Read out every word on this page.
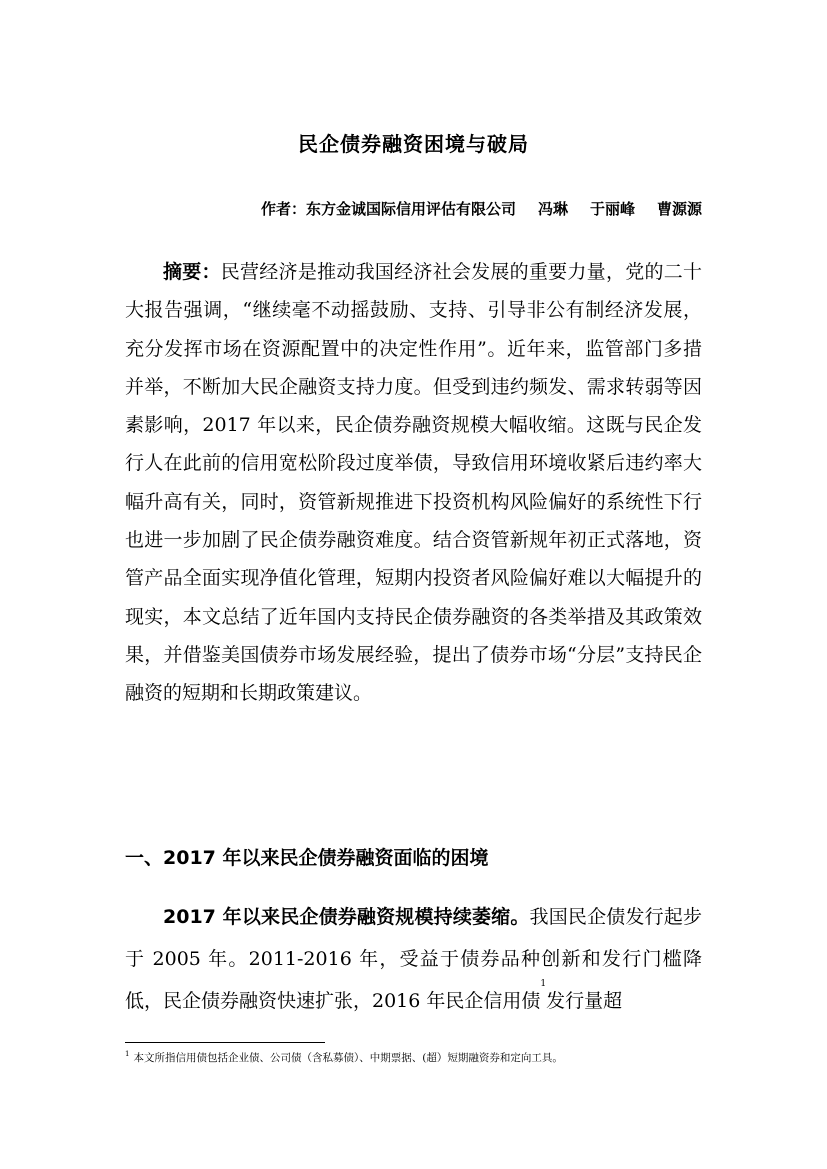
民企债券融资困境与破局
作者：东方金诚国际信用评估有限公司 冯琳 于丽峰 曹源源

摘要：民营经济是推动我国经济社会发展的重要力量，党的二十大报告强调，“继续毫不动摇鼓励、支持、引导非公有制经济发展，充分发挥市场在资源配置中的决定性作用”。近年来，监管部门多措并举，不断加大民企融资支持力度。但受到违约频发、需求转弱等因素影响，2017 年以来，民企债券融资规模大幅收缩。这既与民企发行人在此前的信用宽松阶段过度举债，导致信用环境收紧后违约率大幅升高有关，同时，资管新规推进下投资机构风险偏好的系统性下行也进一步加剧了民企债券融资难度。结合资管新规年初正式落地，资管产品全面实现净值化管理，短期内投资者风险偏好难以大幅提升的现实，本文总结了近年国内支持民企债券融资的各类举措及其政策效果，并借鉴美国债券市场发展经验，提出了债券市场“分层”支持民企融资的短期和长期政策建议。

一、2017 年以来民企债券融资面临的困境

2017 年以来民企债券融资规模持续萎缩。我国民企债发行起步于 2005 年。2011-2016 年，受益于债券品种创新和发行门槛降低，民企债券融资快速扩张，2016 年民企信用债$^1$发行量超

$^1$ 本文所指信用债包括企业债、公司债（含私募债）、中期票据、(超）短期融资券和定向工具。
